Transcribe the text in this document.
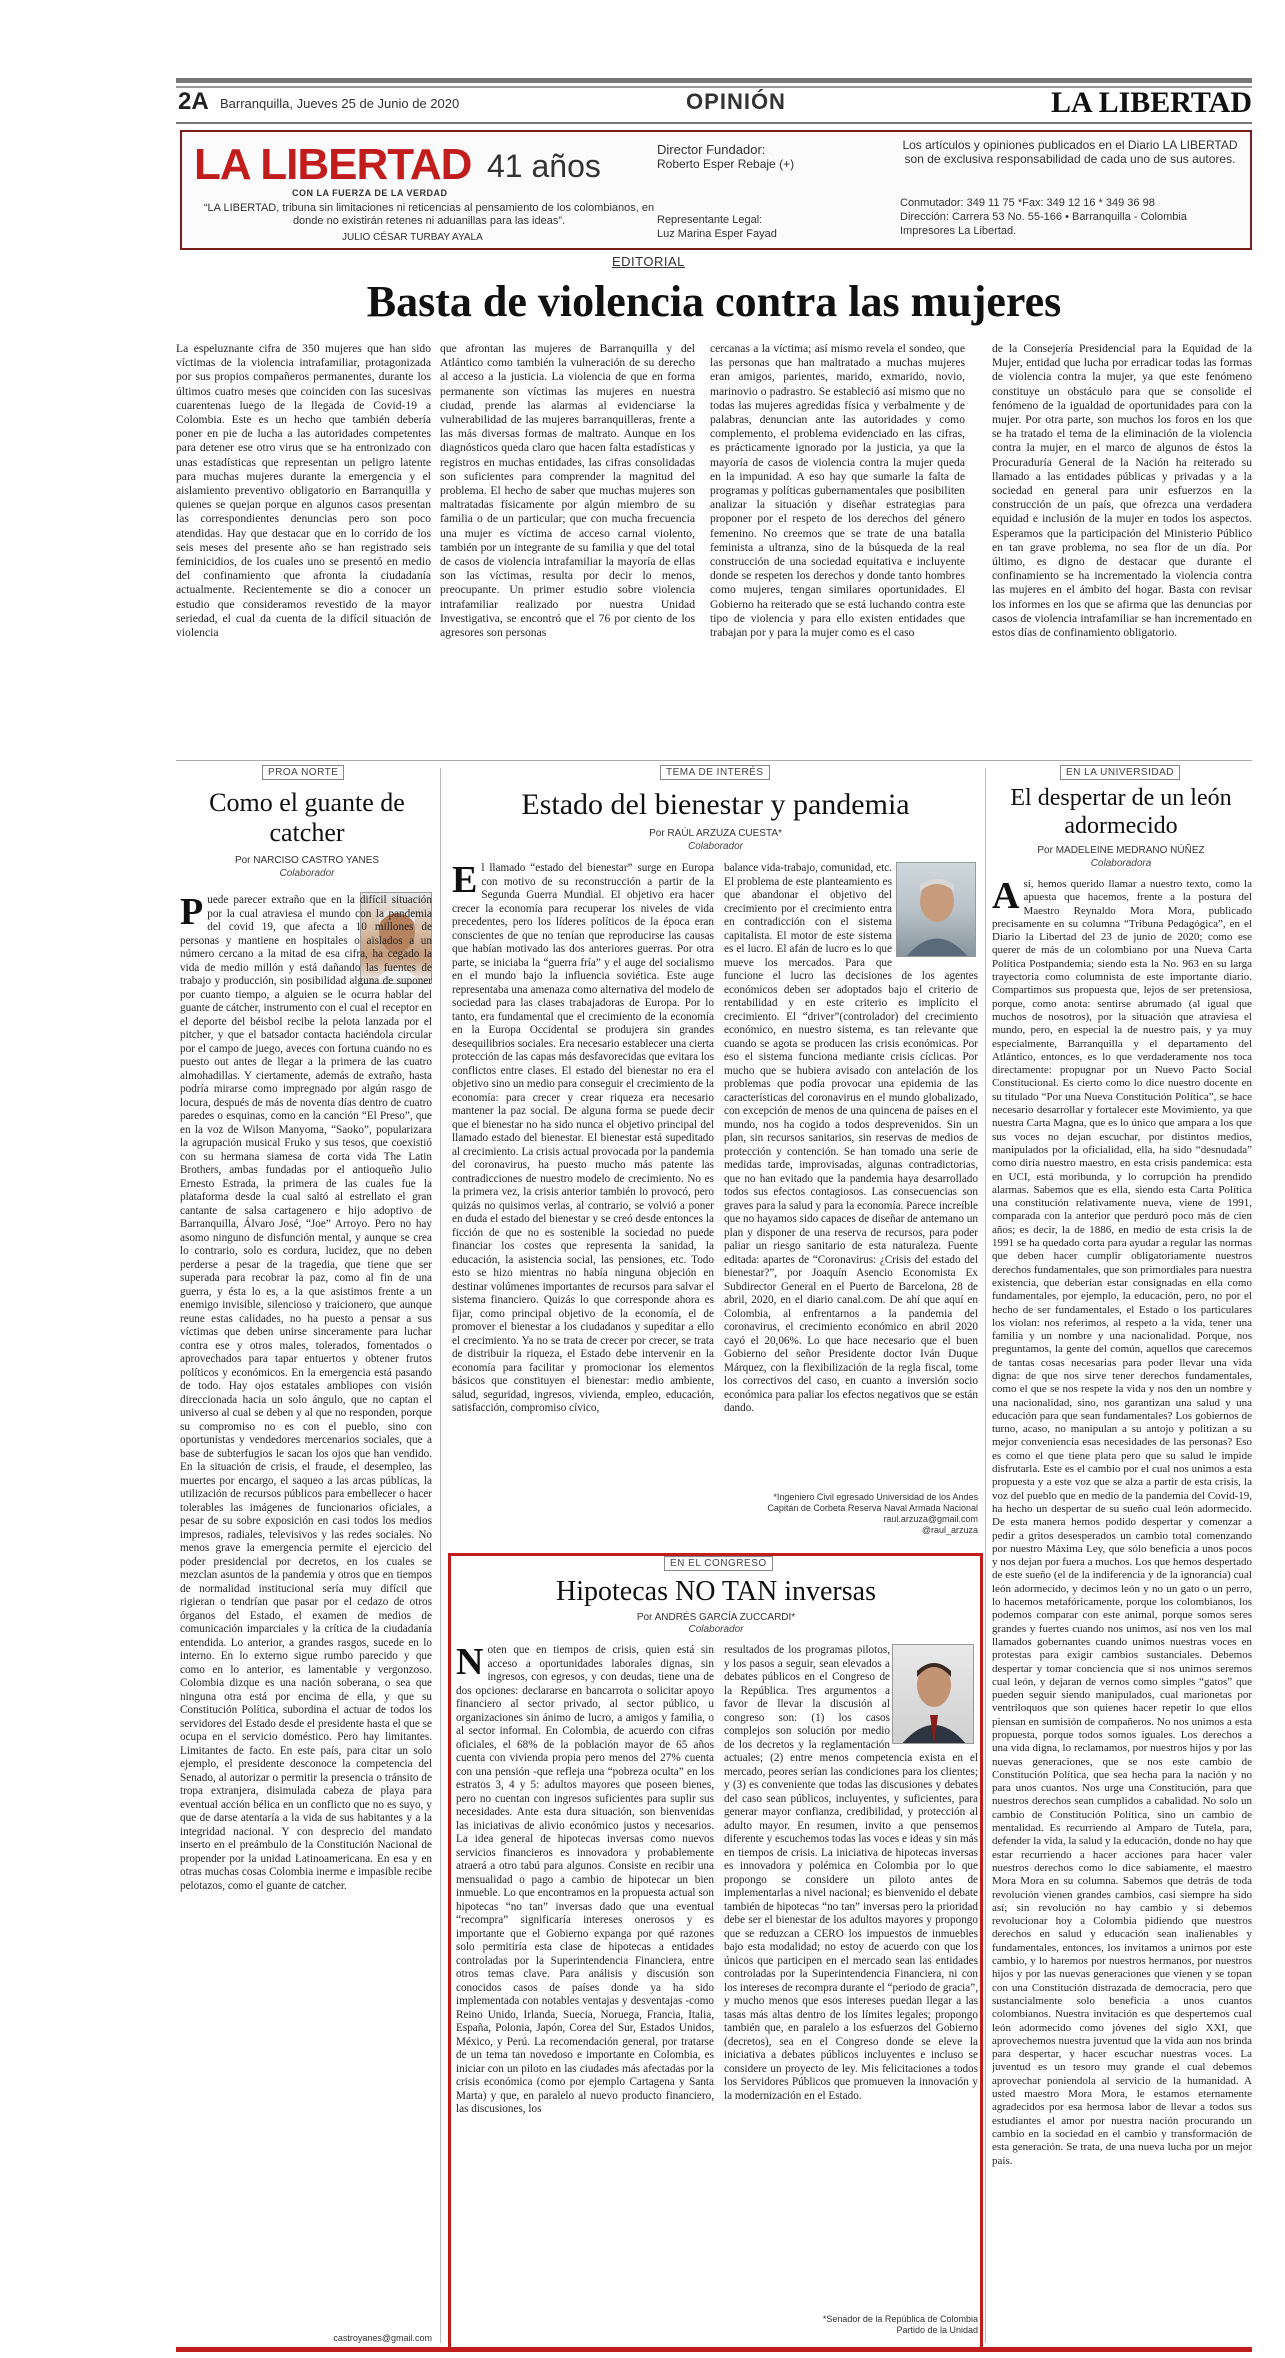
2A Barranquilla, Jueves 25 de Junio de 2020	OPINIÓN	LA LIBERTAD
LA LIBERTAD 41 años
CON LA FUERZA DE LA VERDAD
“LA LIBERTAD, tribuna sin limitaciones ni reticencias al pensamiento de los colombianos, en donde no existirán retenes ni aduanillas para las ideas”.
JULIO CÉSAR TURBAY AYALA
Director Fundador:
Roberto Esper Rebaje (+)
Representante Legal:
Luz Marina Esper Fayad
Los artículos y opiniones publicados en el Diario LA LIBERTAD son de exclusiva responsabilidad de cada uno de sus autores.
Conmutador: 349 11 75 *Fax: 349 12 16 * 349 36 98
Dirección: Carrera 53 No. 55-166 • Barranquilla - Colombia
Impresores La Libertad.
EDITORIAL
Basta de violencia contra las mujeres
La espeluznante cifra de 350 mujeres que han sido víctimas de la violencia intrafamiliar, protagonizada por sus propios compañeros permanentes, durante los últimos cuatro meses que coinciden con las sucesivas cuarentenas luego de la llegada de Covid-19 a Colombia. Este es un hecho que también debería poner en pie de lucha a las autoridades competentes para detener ese otro virus que se ha entronizado con unas estadísticas que representan un peligro latente para muchas mujeres durante la emergencia y el aislamiento preventivo obligatorio en Barranquilla y quienes se quejan porque en algunos casos presentan las correspondientes denuncias pero son poco atendidas. Hay que destacar que en lo corrido de los seis meses del presente año se han registrado seis feminicidios, de los cuales uno se presentó en medio del confinamiento que afronta la ciudadanía actualmente. Recientemente se dio a conocer un estudio que consideramos revestido de la mayor seriedad, el cual da cuenta de la difícil situación de violencia
que afrontan las mujeres de Barranquilla y del Atlántico como también la vulneración de su derecho al acceso a la justicia. La violencia de que en forma permanente son víctimas las mujeres en nuestra ciudad, prende las alarmas al evidenciarse la vulnerabilidad de las mujeres barranquilleras, frente a las más diversas formas de maltrato. Aunque en los diagnósticos queda claro que hacen falta estadísticas y registros en muchas entidades, las cifras consolidadas son suficientes para comprender la magnitud del problema. El hecho de saber que muchas mujeres son maltratadas físicamente por algún miembro de su familia o de un particular; que con mucha frecuencia una mujer es víctima de acceso carnal violento, también por un integrante de su familia y que del total de casos de violencia intrafamiliar la mayoría de ellas son las víctimas, resulta por decir lo menos, preocupante. Un primer estudio sobre violencia intrafamiliar realizado por nuestra Unidad Investigativa, se encontró que el 76 por ciento de los agresores son personas
cercanas a la víctima; así mismo revela el sondeo, que las personas que han maltratado a muchas mujeres eran amigos, parientes, marido, exmarido, novio, marinovio o padrastro. Se estableció así mismo que no todas las mujeres agredidas física y verbalmente y de palabras, denuncian ante las autoridades y como complemento, el problema evidenciado en las cifras, es prácticamente ignorado por la justicia, ya que la mayoría de casos de violencia contra la mujer queda en la impunidad. A eso hay que sumarle la falta de programas y políticas gubernamentales que posibiliten analizar la situación y diseñar estrategias para proponer por el respeto de los derechos del género femenino. No creemos que se trate de una batalla feminista a ultranza, sino de la búsqueda de la real construcción de una sociedad equitativa e incluyente donde se respeten los derechos y donde tanto hombres como mujeres, tengan similares oportunidades. El Gobierno ha reiterado que se está luchando contra este tipo de violencia y para ello existen entidades que trabajan por y para la mujer como es el caso
de la Consejería Presidencial para la Equidad de la Mujer, entidad que lucha por erradicar todas las formas de violencia contra la mujer, ya que este fenómeno constituye un obstáculo para que se consolide el fenómeno de la igualdad de oportunidades para con la mujer. Por otra parte, son muchos los foros en los que se ha tratado el tema de la eliminación de la violencia contra la mujer, en el marco de algunos de éstos la Procuraduría General de la Nación ha reiterado su llamado a las entidades públicas y privadas y a la sociedad en general para unir esfuerzos en la construcción de un país, que ofrezca una verdadera equidad e inclusión de la mujer en todos los aspectos. Esperamos que la participación del Ministerio Público en tan grave problema, no sea flor de un día. Por último, es digno de destacar que durante el confinamiento se ha incrementado la violencia contra las mujeres en el ámbito del hogar. Basta con revisar los informes en los que se afirma que las denuncias por casos de violencia intrafamiliar se han incrementado en estos días de confinamiento obligatorio.
PROA NORTE
Como el guante de catcher
Por NARCISO CASTRO YANES
Colaborador
Puede parecer extraño que en la difícil situación por la cual atraviesa el mundo con la pandemia del covid 19, que afecta a 10 millones de personas y mantiene en hospitales o aislados a un número cercano a la mitad de esa cifra, ha cegado la vida de medio millón y está dañando las fuentes de trabajo y producción, sin posibilidad alguna de suponer por cuanto tiempo, a alguien se le ocurra hablar del guante de cátcher, instrumento con el cual el receptor en el deporte del béisbol recibe la pelota lanzada por el pitcher, y que el batsador contacta haciéndola circular por el campo de juego, aveces con fortuna cuando no es puesto out antes de llegar a la primera de las cuatro almohadillas. Y ciertamente, además de extraño, hasta podría mirarse como impregnado por algún rasgo de locura, después de más de noventa días dentro de cuatro paredes o esquinas, como en la canción “El Preso”, que en la voz de Wilson Manyoma, “Saoko”, popularizara la agrupación musical Fruko y sus tesos, que coexistió con su hermana siamesa de corta vida The Latin Brothers, ambas fundadas por el antioqueño Julio Ernesto Estrada, la primera de las cuales fue la plataforma desde la cual saltó al estrellato el gran cantante de salsa cartagenero e hijo adoptivo de Barranquilla, Álvaro José, “Joe” Arroyo. Pero no hay asomo ninguno de disfunción mental, y aunque se crea lo contrario, solo es cordura, lucidez, que no deben perderse a pesar de la tragedia, que tiene que ser superada para recobrar la paz, como al fin de una guerra, y ésta lo es, a la que asistimos frente a un enemigo invisible, silencioso y traicionero, que aunque reune estas calidades, no ha puesto a pensar a sus víctimas que deben unirse sinceramente para luchar contra ese y otros males, tolerados, fomentados o aprovechados para tapar entuertos y obtener frutos políticos y económicos. En la emergencia está pasando de todo. Hay ojos estatales ambliopes con visión direccionada hacia un solo ángulo, que no captan el universo al cual se deben y al que no responden, porque su compromiso no es con el pueblo, sino con oportunistas y vendedores mercenarios sociales, que a base de subterfugios le sacan los ojos que han vendido. En la situación de crisis, el fraude, el desempleo, las muertes por encargo, el saqueo a las arcas públicas, la utilización de recursos públicos para embellecer o hacer tolerables las imágenes de funcionarios oficiales, a pesar de su sobre exposición en casi todos los medios impresos, radiales, televisivos y las redes sociales. No menos grave la emergencia permite el ejercicio del poder presidencial por decretos, en los cuales se mezclan asuntos de la pandemia y otros que en tiempos de normalidad institucional sería muy difícil que rigieran o tendrían que pasar por el cedazo de otros órganos del Estado, el examen de medios de comunicación imparciales y la crítica de la ciudadanía entendida. Lo anterior, a grandes rasgos, sucede en lo interno. En lo externo sigue rumbo parecido y que como en lo anterior, es lamentable y vergonzoso. Colombia dizque es una nación soberana, o sea que ninguna otra está por encima de ella, y que su Constitución Política, subordina el actuar de todos los servidores del Estado desde el presidente hasta el que se ocupa en el servicio doméstico. Pero hay limitantes. Limitantes de facto. En este país, para citar un solo ejemplo, el presidente desconoce la competencia del Senado, al autorizar o permitir la presencia o tránsito de tropa extranjera, disimulada cabeza de playa para eventual acción bélica en un conflicto que no es suyo, y que de darse atentaría a la vida de sus habitantes y a la integridad nacional. Y con desprecio del mandato inserto en el preámbulo de la Constitución Nacional de propender por la unidad Latinoamericana. En esa y en otras muchas cosas Colombia inerme e impasible recibe pelotazos, como el guante de catcher.
castroyanes@gmail.com
TEMA DE INTERÉS
Estado del bienestar y pandemia
Por RAÚL ARZUZA CUESTA*
Colaborador
El llamado “estado del bienestar” surge en Europa con motivo de su reconstrucción a partir de la Segunda Guerra Mundial. El objetivo era hacer crecer la economía para recuperar los niveles de vida precedentes, pero los líderes políticos de la época eran conscientes de que no tenían que reproducirse las causas que habían motivado las dos anteriores guerras. Por otra parte, se iniciaba la “guerra fría” y el auge del socialismo en el mundo bajo la influencia soviética. Este auge representaba una amenaza como alternativa del modelo de sociedad para las clases trabajadoras de Europa. Por lo tanto, era fundamental que el crecimiento de la economía en la Europa Occidental se produjera sin grandes desequilibrios sociales. Era necesario establecer una cierta protección de las capas más desfavorecidas que evitara los conflictos entre clases. El estado del bienestar no era el objetivo sino un medio para conseguir el crecimiento de la economía: para crecer y crear riqueza era necesario mantener la paz social. De alguna forma se puede decir que el bienestar no ha sido nunca el objetivo principal del llamado estado del bienestar. El bienestar está supeditado al crecimiento. La crisis actual provocada por la pandemia del coronavirus, ha puesto mucho más patente las contradicciones de nuestro modelo de crecimiento. No es la primera vez, la crisis anterior también lo provocó, pero quizás no quisimos verlas, al contrario, se volvió a poner en duda el estado del bienestar y se creó desde entonces la ficción de que no es sostenible la sociedad no puede financiar los costes que representa la sanidad, la educación, la asistencia social, las pensiones, etc. Todo esto se hizo mientras no había ninguna objeción en destinar volúmenes importantes de recursos para salvar el sistema financiero. Quizás lo que corresponde ahora es fijar, como principal objetivo de la economía, el de promover el bienestar a los ciudadanos y supeditar a ello el crecimiento. Ya no se trata de crecer por crecer, se trata de distribuir la riqueza, el Estado debe intervenir en la economía para facilitar y promocionar los elementos básicos que constituyen el bienestar: medio ambiente, salud, seguridad, ingresos, vivienda, empleo, educación, satisfacción, compromiso cívico,
balance vida-trabajo, comunidad, etc. El problema de este planteamiento es que abandonar el objetivo del crecimiento por el crecimiento entra en contradicción con el sistema capitalista. El motor de este sistema es el lucro. El afán de lucro es lo que mueve los mercados. Para que funcione el lucro las decisiones de los agentes económicos deben ser adoptados bajo el criterio de rentabilidad y en este criterio es implícito el crecimiento. El “driver”(controlador) del crecimiento económico, en nuestro sistema, es tan relevante que cuando se agota se producen las crisis económicas. Por eso el sistema funciona mediante crisis cíclicas. Por mucho que se hubiera avisado con antelación de los problemas que podía provocar una epidemia de las características del coronavirus en el mundo globalizado, con excepción de menos de una quincena de países en el mundo, nos ha cogido a todos desprevenidos. Sin un plan, sin recursos sanitarios, sin reservas de medios de protección y contención. Se han tomado una serie de medidas tarde, improvisadas, algunas contradictorias, que no han evitado que la pandemia haya desarrollado todos sus efectos contagiosos. Las consecuencias son graves para la salud y para la economía. Parece increíble que no hayamos sido capaces de diseñar de antemano un plan y disponer de una reserva de recursos, para poder paliar un riesgo sanitario de esta naturaleza. Fuente editada: apartes de “Coronavirus: ¿Crisis del estado del bienestar?”, por Joaquín Asencio Economista Ex Subdirector General en el Puerto de Barcelona, 28 de abril, 2020, en el diario canal.com. De ahí que aquí en Colombia, al enfrentarnos a la pandemia del coronavirus, el crecimiento económico en abril 2020 cayó el 20,06%. Lo que hace necesario que el buen Gobierno del señor Presidente doctor Iván Duque Márquez, con la flexibilización de la regla fiscal, tome los correctivos del caso, en cuanto a inversión socio económica para paliar los efectos negativos que se están dando.
*Ingeniero Civil egresado Universidad de los Andes
Capitán de Corbeta Reserva Naval Armada Nacional
raul.arzuza@gmail.com
@raul_arzuza
EN EL CONGRESO
Hipotecas NO TAN inversas
Por ANDRÉS GARCÍA ZUCCARDI*
Colaborador
Noten que en tiempos de crisis, quien está sin acceso a oportunidades laborales dignas, sin ingresos, con egresos, y con deudas, tiene una de dos opciones: declararse en bancarrota o solicitar apoyo financiero al sector privado, al sector público, u organizaciones sin ánimo de lucro, a amigos y familia, o al sector informal. En Colombia, de acuerdo con cifras oficiales, el 68% de la población mayor de 65 años cuenta con vivienda propia pero menos del 27% cuenta con una pensión -que refleja una “pobreza oculta” en los estratos 3, 4 y 5: adultos mayores que poseen bienes, pero no cuentan con ingresos suficientes para suplir sus necesidades. Ante esta dura situación, son bienvenidas las iniciativas de alivio económico justos y necesarios. La idea general de hipotecas inversas como nuevos servicios financieros es innovadora y probablemente atraerá a otro tabú para algunos. Consiste en recibir una mensualidad o pago a cambio de hipotecar un bien inmueble. Lo que encontramos en la propuesta actual son hipotecas “no tan” inversas dado que una eventual “recompra” significaría intereses onerosos y es importante que el Gobierno expanga por qué razones solo permitiría esta clase de hipotecas a entidades controladas por la Superintendencia Financiera, entre otros temas clave. Para análisis y discusión son conocidos casos de países donde ya ha sido implementada con notables ventajas y desventajas -como Reino Unido, Irlanda, Suecia, Noruega, Francia, Italia, España, Polonia, Japón, Corea del Sur, Estados Unidos, México, y Perú. La recomendación general, por tratarse de un tema tan novedoso e importante en Colombia, es iniciar con un piloto en las ciudades más afectadas por la crisis económica (como por ejemplo Cartagena y Santa Marta) y que, en paralelo al nuevo producto financiero, las discusiones, los
resultados de los programas pilotos, y los pasos a seguir, sean elevados a debates públicos en el Congreso de la República. Tres argumentos a favor de llevar la discusión al congreso son: (1) los casos complejos son solución por medio de los decretos y la reglamentación actuales; (2) entre menos competencia exista en el mercado, peores serían las condiciones para los clientes; y (3) es conveniente que todas las discusiones y debates del caso sean públicos, incluyentes, y suficientes, para generar mayor confianza, credibilidad, y protección al adulto mayor. En resumen, invito a que pensemos diferente y escuchemos todas las voces e ideas y sin más en tiempos de crisis. La iniciativa de hipotecas inversas es innovadora y polémica en Colombia por lo que propongo se considere un piloto antes de implementarlas a nivel nacional; es bienvenido el debate también de hipotecas “no tan” inversas pero la prioridad debe ser el bienestar de los adultos mayores y propongo que se reduzcan a CERO los impuestos de inmuebles bajo esta modalidad; no estoy de acuerdo con que los únicos que participen en el mercado sean las entidades controladas por la Superintendencia Financiera, ni con los intereses de recompra durante el “periodo de gracia”, y mucho menos que esos intereses puedan llegar a las tasas más altas dentro de los límites legales; propongo también que, en paralelo a los esfuerzos del Gobierno (decretos), sea en el Congreso donde se eleve la iniciativa a debates públicos incluyentes e incluso se considere un proyecto de ley. Mis felicitaciones a todos los Servidores Públicos que promueven la innovación y la modernización en el Estado.
*Senador de la República de Colombia
Partido de la Unidad
EN LA UNIVERSIDAD
El despertar de un león adormecido
Por MADELEINE MEDRANO NÚÑEZ
Colaboradora
Así, hemos querido llamar a nuestro texto, como la apuesta que hacemos, frente a la postura del Maestro Reynaldo Mora Mora, publicado precisamente en su columna “Tribuna Pedagógica”, en el Diario la Libertad del 23 de junio de 2020; como ese querer de más de un colombiano por una Nueva Carta Política Postpandemia; siendo esta la No. 963 en su larga trayectoria como columnista de este importante diario. Compartimos sus propuesta que, lejos de ser pretensiosa, porque, como anota: sentirse abrumado (al igual que muchos de nosotros), por la situación que atraviesa el mundo, pero, en especial la de nuestro país, y ya muy especialmente, Barranquilla y el departamento del Atlántico, entonces, es lo que verdaderamente nos toca directamente: propugnar por un Nuevo Pacto Social Constitucional. Es cierto como lo dice nuestro docente en su titulado “Por una Nueva Constitución Política”, se hace necesario desarrollar y fortalecer este Movimiento, ya que nuestra Carta Magna, que es lo único que ampara a los que sus voces no dejan escuchar, por distintos medios, manipulados por la oficialidad, ella, ha sido “desnudada” como diría nuestro maestro, en esta crisis pandemica: esta en UCI, está moribunda, y lo corrupción ha prendido alarmas. Sabemos que es ella, siendo esta Carta Política una constitución relativamente nueva, viene de 1991, comparada con la anterior que perduró poco más de cien años; es decir, la de 1886, en medio de esta crisis la de 1991 se ha quedado corta para ayudar a regular las normas que deben hacer cumplir obligatoriamente nuestros derechos fundamentales, que son primordiales para nuestra existencia, que deberían estar consignadas en ella como fundamentales, por ejemplo, la educación, pero, no por el hecho de ser fundamentales, el Estado o los particulares los violan: nos referimos, al respeto a la vida, tener una familia y un nombre y una nacionalidad. Porque, nos preguntamos, la gente del común, aquellos que carecemos de tantas cosas necesarias para poder llevar una vida digna: de que nos sirve tener derechos fundamentales, como el que se nos respete la vida y nos den un nombre y una nacionalidad, sino, nos garantizan una salud y una educación para que sean fundamentales? Los gobiernos de turno, acaso, no manipulan a su antojo y politizan a su mejor conveniencia esas necesidades de las personas? Eso es como el que tiene plata pero que su salud le impide disfrutarla. Este es el cambio por el cual nos unimos a esta propuesta y a este voz que se alza a partir de esta crisis, la voz del pueblo que en medio de la pandemia del Covid-19, ha hecho un despertar de su sueño cual león adormecido. De esta manera hemos podido despertar y comenzar a pedir a gritos desesperados un cambio total comenzando por nuestro Máxima Ley, que sólo beneficia a unos pocos y nos dejan por fuera a muchos. Los que hemos despertado de este sueño (el de la indiferencia y de la ignorancia) cual león adormecido, y decimos león y no un gato o un perro, lo hacemos metafóricamente, porque los colombianos, los podemos comparar con este animal, porque somos seres grandes y fuertes cuando nos unimos, así nos ven los mal llamados gobernantes cuando unimos nuestras voces en protestas para exigir cambios sustanciales. Debemos despertar y tomar conciencia que si nos unimos seremos cual león, y dejaran de vernos como simples “gatos” que pueden seguir siendo manipulados, cual marionetas por ventriloquos que son quienes hacer repetir lo que ellos piensan en sumisión de compañeros. No nos unimos a esta propuesta, porque todos somos iguales. Los derechos a una vida digna, lo reclamamos, por nuestros hijos y por las nuevas generaciones, que se nos este cambio de Constitución Política, que sea hecha para la nación y no para unos cuantos. Nos urge una Constitución, para que nuestros derechos sean cumplidos a cabalidad. No solo un cambio de Constitución Política, sino un cambio de mentalidad. Es recurriendo al Amparo de Tutela, para, defender la vida, la salud y la educación, donde no hay que estar recurriendo a hacer acciones para hacer valer nuestros derechos como lo dice sabiamente, el maestro Mora Mora en su columna. Sabemos que detrás de toda revolución vienen grandes cambios, casi siempre ha sido así; sin revolución no hay cambio y si debemos revolucionar hoy a Colombia pidiendo que nuestros derechos en salud y educación sean inalienables y fundamentales, entonces, los invitamos a unirnos por este cambio, y lo haremos por nuestros hermanos, por nuestros hijos y por las nuevas generaciones que vienen y se topan con una Constitución distrazada de democracia, pero que sustancialmente solo beneficia a unos cuantos colombianos. Nuestra invitación es que despertemos cual león adormecido como jóvenes del siglo XXI, que aprovechemos nuestra juventud que la vida aun nos brinda para despertar, y hacer escuchar nuestras voces. La juventud es un tesoro muy grande el cual debemos aprovechar poniendola al servicio de la humanidad. A usted maestro Mora Mora, le estamos eternamente agradecidos por esa hermosa labor de llevar a todos sus estudiantes el amor por nuestra nación procurando un cambio en la sociedad en el cambio y transformación de esta generación. Se trata, de una nueva lucha por un mejor país.
